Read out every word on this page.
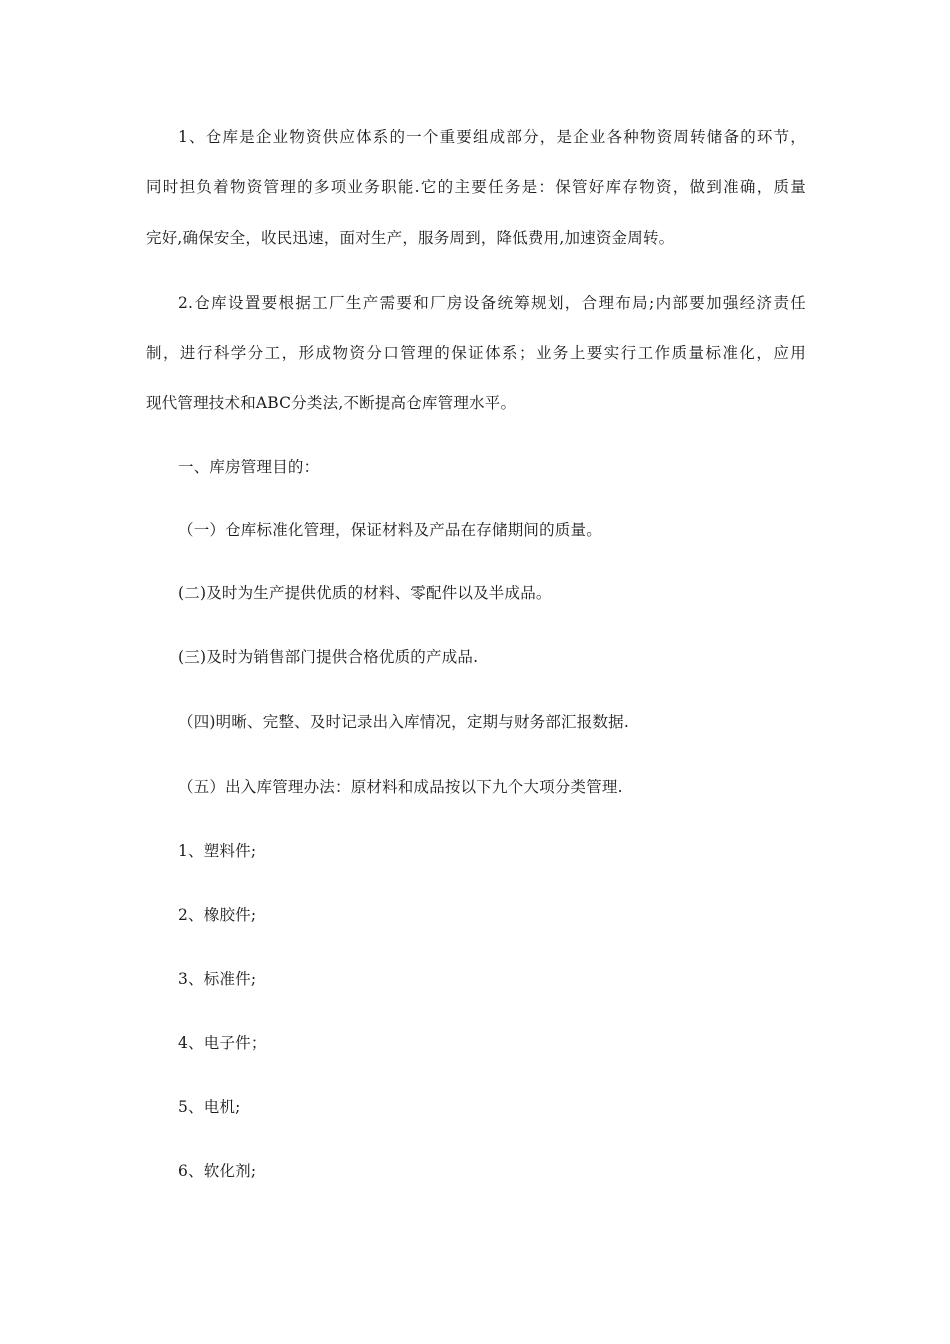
1、仓库是企业物资供应体系的一个重要组成部分，是企业各种物资周转储备的环节，
同时担负着物资管理的多项业务职能.它的主要任务是：保管好库存物资，做到准确，质量
完好,确保安全，收民迅速，面对生产，服务周到，降低费用,加速资金周转。
2.仓库设置要根据工厂生产需要和厂房设备统筹规划，合理布局;内部要加强经济责任
制，进行科学分工，形成物资分口管理的保证体系；业务上要实行工作质量标准化，应用
现代管理技术和ABC分类法,不断提高仓库管理水平。
一、库房管理目的：
（一）仓库标准化管理，保证材料及产品在存储期间的质量。
(二)及时为生产提供优质的材料、零配件以及半成品。
(三)及时为销售部门提供合格优质的产成品.
（四)明晰、完整、及时记录出入库情况，定期与财务部汇报数据.
（五）出入库管理办法：原材料和成品按以下九个大项分类管理.
1、塑料件;
2、橡胶件;
3、标准件;
4、电子件；
5、电机;
6、软化剂;
